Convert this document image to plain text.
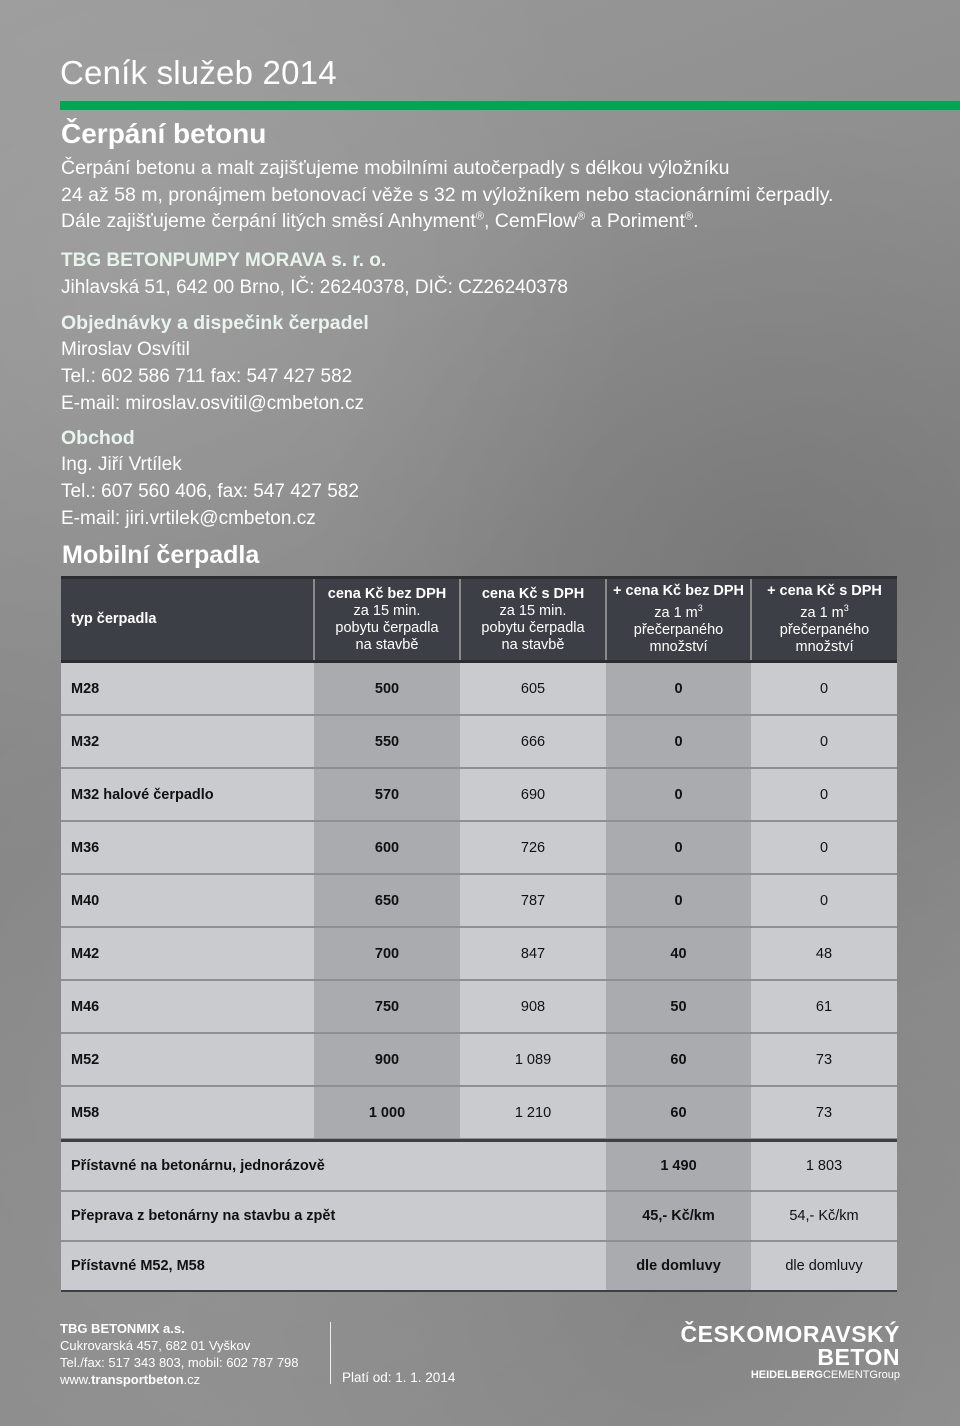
Ceník služeb 2014
Čerpání betonu
Čerpání betonu a malt zajišťujeme mobilními autočerpadly s délkou výložníku
24 až 58 m, pronájmem betonovací věže s 32 m výložníkem nebo stacionárními čerpadly.
Dále zajišťujeme čerpání litých směsí Anhyment®, CemFlow® a Poriment®.
TBG BETONPUMPY MORAVA s. r. o.
Jihlavská 51, 642 00 Brno, IČ: 26240378, DIČ: CZ26240378
Objednávky a dispečink čerpadel
Miroslav Osvítil
Tel.: 602 586 711 fax: 547 427 582
E-mail: miroslav.osvitil@cmbeton.cz
Obchod
Ing. Jiří Vrtílek
Tel.: 607 560 406, fax: 547 427 582
E-mail: jiri.vrtilek@cmbeton.cz
Mobilní čerpadla
typ čerpadla	cena Kč bez DPH
za 15 min.
pobytu čerpadla
na stavbě	cena Kč s DPH
za 15 min.
pobytu čerpadla
na stavbě	+ cena Kč bez DPH
za 1 $m^3$
přečerpaného
množství	+ cena Kč s DPH
za 1 $m^3$
přečerpaného
množství
M28	500	605	0	0
M32	550	666	0	0
M32 halové čerpadlo	570	690	0	0
M36	600	726	0	0
M40	650	787	0	0
M42	700	847	40	48
M46	750	908	50	61
M52	900	1 089	60	73
M58	1 000	1 210	60	73
Přístavné na betonárnu, jednorázově	1 490	1 803
Přeprava z betonárny na stavbu a zpět	45,- Kč/km	54,- Kč/km
Přístavné M52, M58	dle domluvy	dle domluvy
TBG BETONMIX a.s.
Cukrovarská 457, 682 01 Vyškov
Tel./fax: 517 343 803, mobil: 602 787 798
www.transportbeton.cz	Platí od: 1. 1. 2014
ČESKOMORAVSKÝ
BETON
HEIDELBERGCEMENTGroup
